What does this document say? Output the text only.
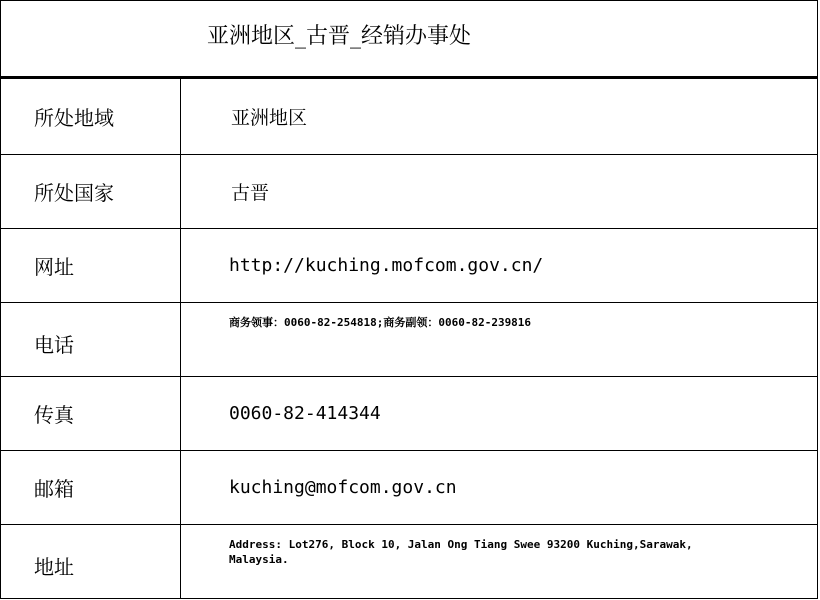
亚洲地区_古晋_经销办事处
所处地域	亚洲地区
所处国家	古晋
网址	http://kuching.mofcom.gov.cn/
电话	商务领事：0060-82-254818;商务副领：0060-82-239816
传真	0060-82-414344
邮箱	kuching@mofcom.gov.cn
地址	Address: Lot276, Block 10, Jalan Ong Tiang Swee 93200 Kuching,Sarawak, Malaysia.
